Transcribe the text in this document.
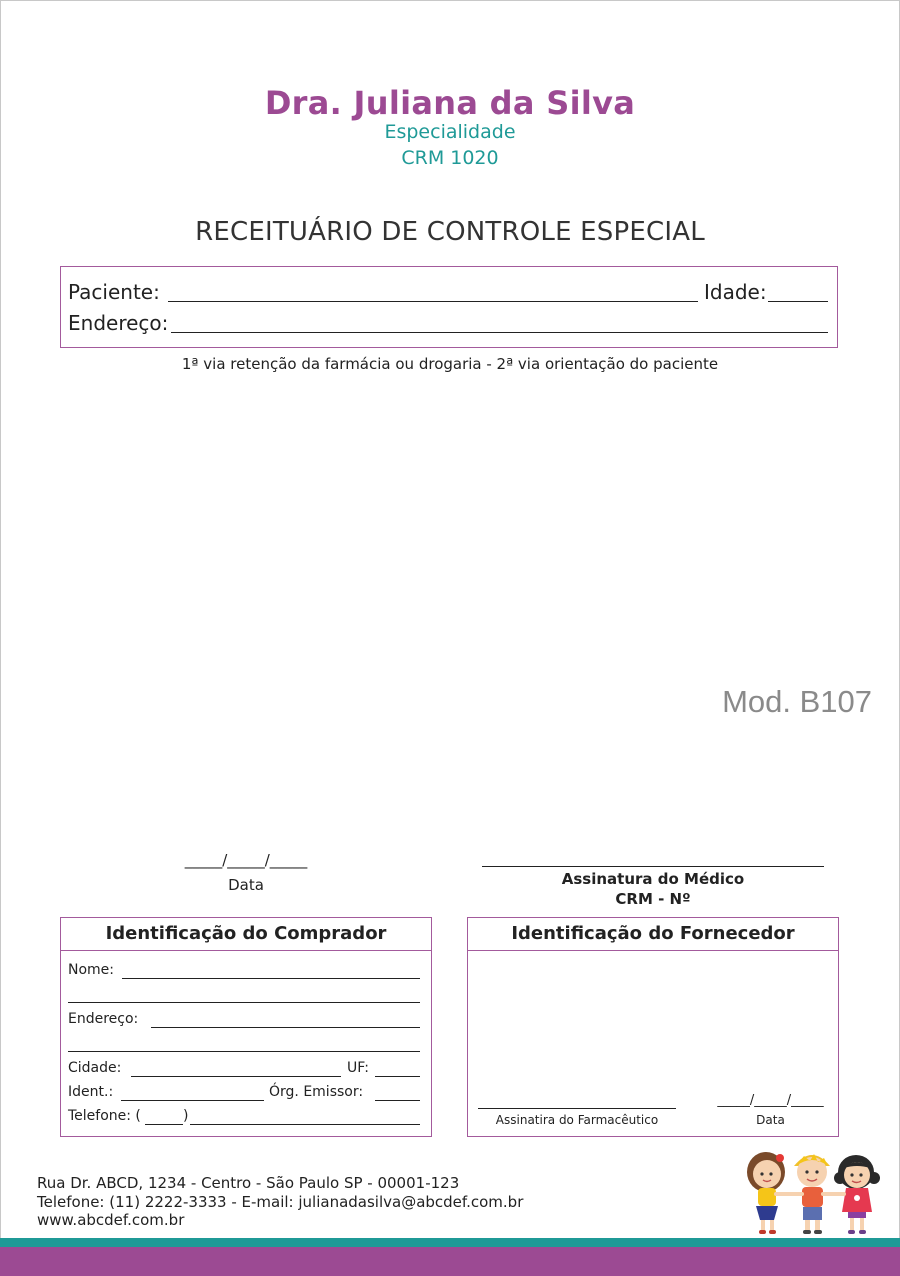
Dra. Juliana da Silva
Especialidade
CRM 1020
RECEITUÁRIO DE CONTROLE ESPECIAL
Paciente:	Idade:
Endereço:
1ª via retenção da farmácia ou drogaria - 2ª via orientação do paciente
Mod. B107
_____/_____/_____
Data	Assinatura do Médico
CRM - Nº
Identificação do Comprador
Nome:
Endereço:
Cidade:	UF:
Ident.:	Órg. Emissor:
Telefone: (	)
Identificação do Fornecedor
Assinatira do Farmacêutico
_____/_____/_____
Data
Rua Dr. ABCD, 1234 - Centro - São Paulo SP - 00001-123
Telefone: (11) 2222-3333 - E-mail: julianadasilva@abcdef.com.br
www.abcdef.com.br
